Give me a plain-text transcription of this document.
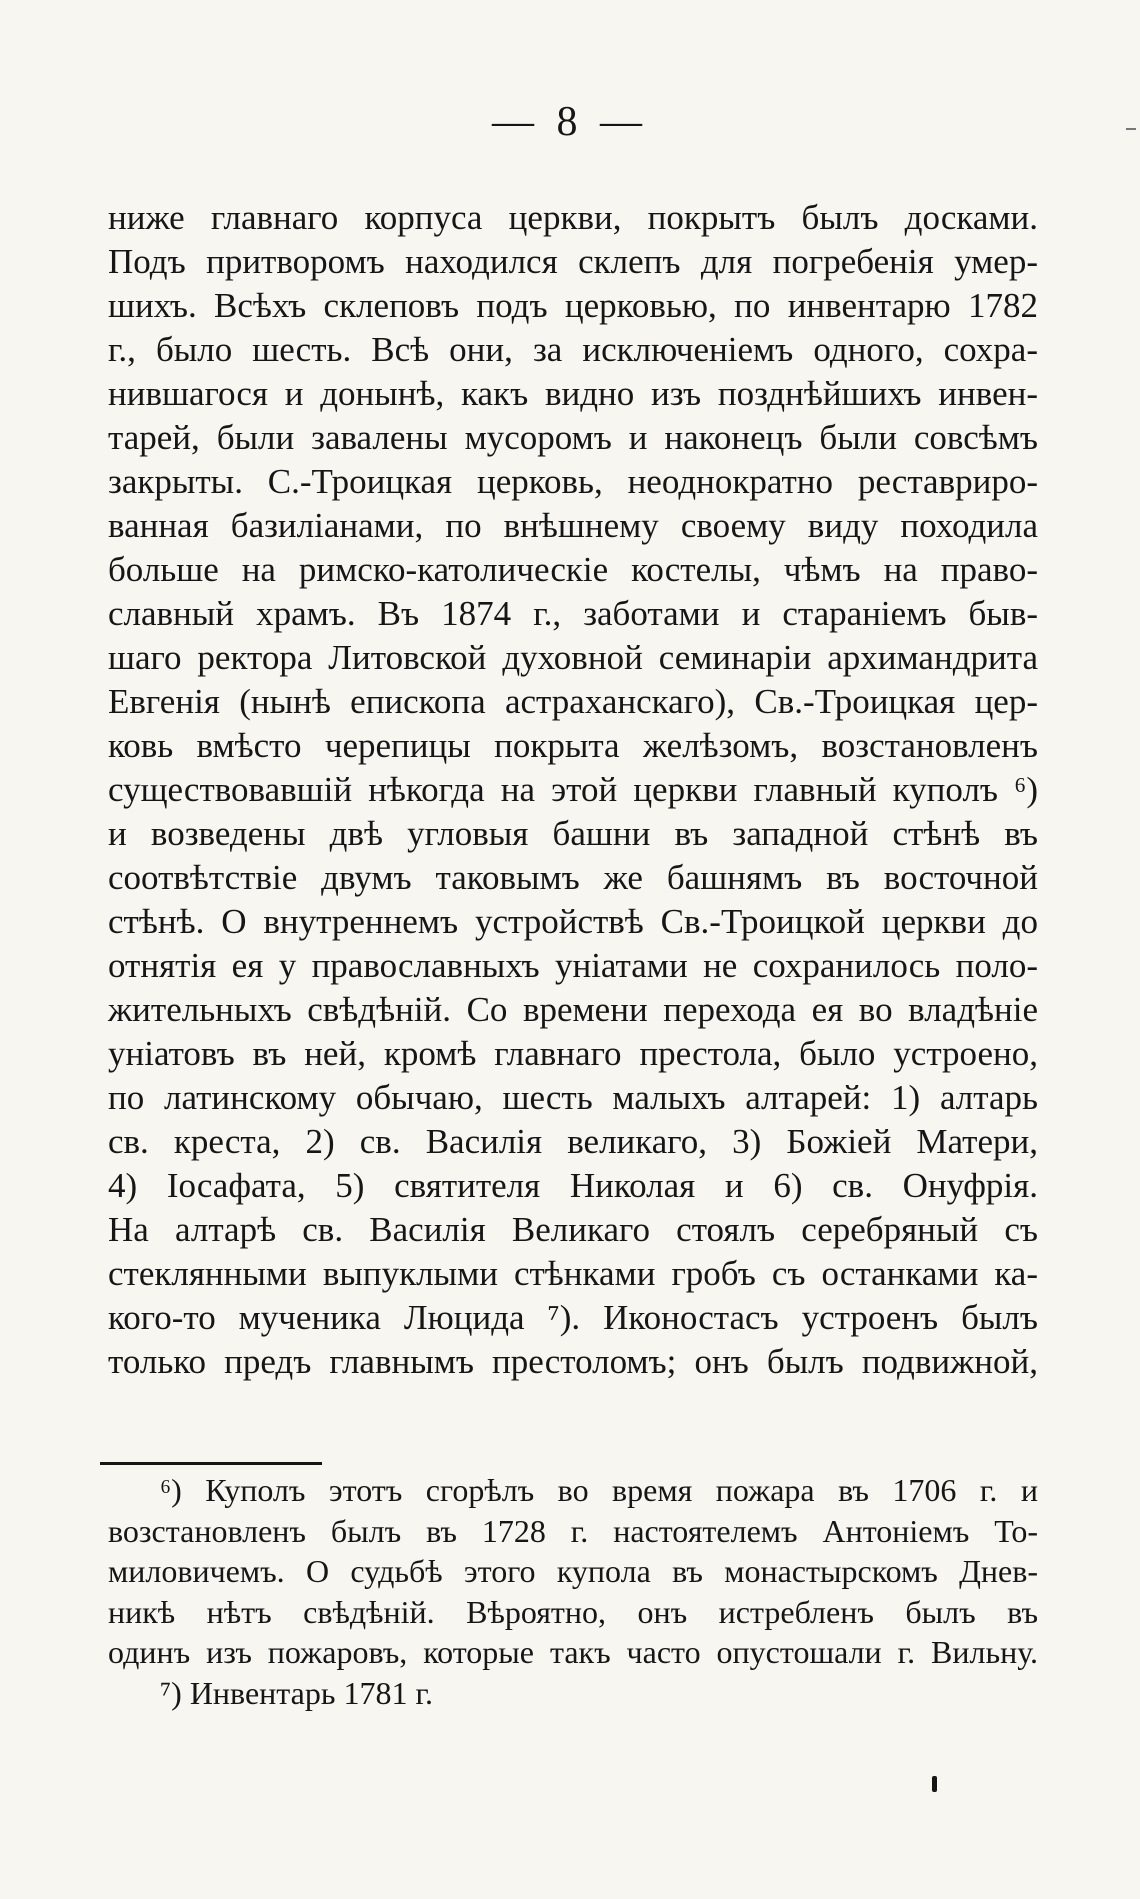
— 8 —
ниже главнаго корпуса церкви, покрытъ былъ досками.
Подъ притворомъ находился склепъ для погребенія умер-
шихъ. Всѣхъ склеповъ подъ церковью, по инвентарю 1782
г., было шесть. Всѣ они, за исключеніемъ одного, сохра-
нившагося и донынѣ, какъ видно изъ позднѣйшихъ инвен-
тарей, были завалены мусоромъ и наконецъ были совсѣмъ
закрыты. С.-Троицкая церковь, неоднократно реставриро-
ванная базиліанами, по внѣшнему своему виду походила
больше на римско-католическіе костелы, чѣмъ на право-
славный храмъ. Въ 1874 г., заботами и стараніемъ быв-
шаго ректора Литовской духовной семинаріи архимандрита
Евгенія (нынѣ епископа астраханскаго), Св.-Троицкая цер-
ковь вмѣсто черепицы покрыта желѣзомъ, возстановленъ
существовавшій нѣкогда на этой церкви главный куполъ ⁶)
и возведены двѣ угловыя башни въ западной стѣнѣ въ
соотвѣтствіе двумъ таковымъ же башнямъ въ восточной
стѣнѣ. О внутреннемъ устройствѣ Св.-Троицкой церкви до
отнятія ея у православныхъ уніатами не сохранилось поло-
жительныхъ свѣдѣній. Со времени перехода ея во владѣніе
уніатовъ въ ней, кромѣ главнаго престола, было устроено,
по латинскому обычаю, шесть малыхъ алтарей: 1) алтарь
св. креста, 2) св. Василія великаго, 3) Божіей Матери,
4) Іосафата, 5) святителя Николая и 6) св. Онуфрія.
На алтарѣ св. Василія Великаго стоялъ серебряный съ
стеклянными выпуклыми стѣнками гробъ съ останками ка-
кого-то мученика Люцида ⁷). Иконостасъ устроенъ былъ
только предъ главнымъ престоломъ; онъ былъ подвижной,
⁶) Куполъ этотъ сгорѣлъ во время пожара въ 1706 г. и
возстановленъ былъ въ 1728 г. настоятелемъ Антоніемъ То-
миловичемъ. О судьбѣ этого купола въ монастырскомъ Днев-
никѣ нѣтъ свѣдѣній. Вѣроятно, онъ истребленъ былъ въ
одинъ изъ пожаровъ, которые такъ часто опустошали г. Вильну.
⁷) Инвентарь 1781 г.
